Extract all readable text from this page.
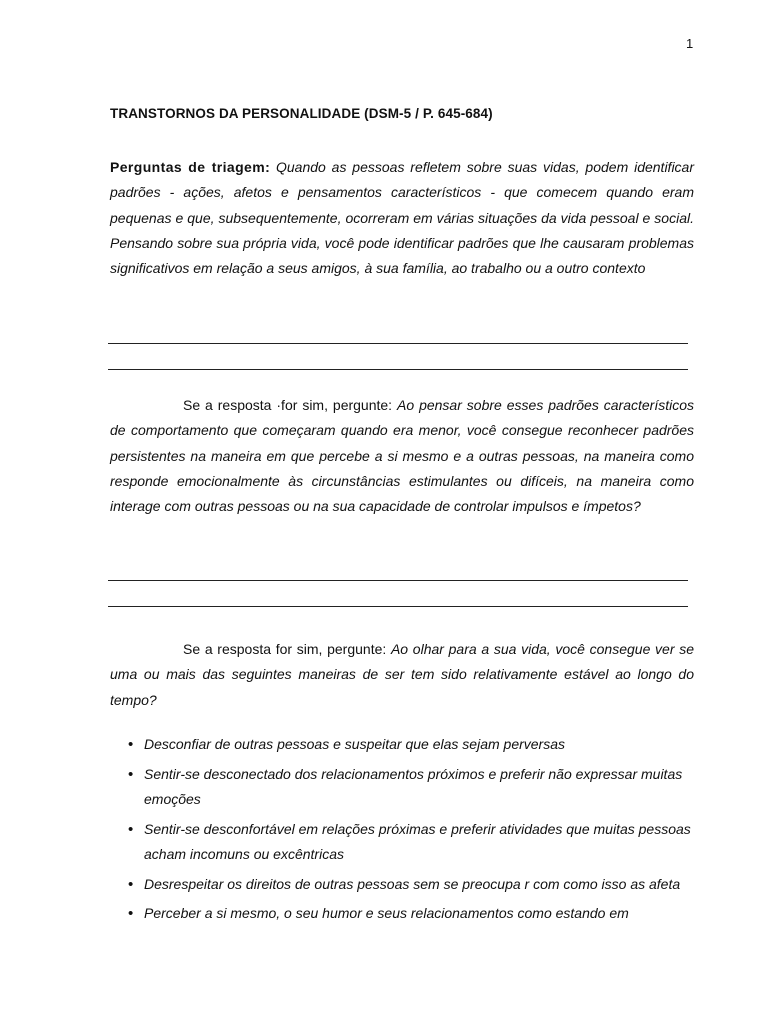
1
TRANSTORNOS DA PERSONALIDADE (DSM-5 / P. 645-684)
Perguntas de triagem: Quando as pessoas refletem sobre suas vidas, podem identificar padrões - ações, afetos e pensamentos característicos - que comecem quando eram pequenas e que, subsequentemente, ocorreram em várias situações da vida pessoal e social. Pensando sobre sua própria vida, você pode identificar padrões que lhe causaram problemas significativos em relação a seus amigos, à sua família, ao trabalho ou a outro contexto
Se a resposta ·for sim, pergunte: Ao pensar sobre esses padrões característicos de comportamento que começaram quando era menor, você consegue reconhecer padrões persistentes na maneira em que percebe a si mesmo e a outras pessoas, na maneira como responde emocionalmente às circunstâncias estimulantes ou difíceis, na maneira como interage com outras pessoas ou na sua capacidade de controlar impulsos e ímpetos?
Se a resposta for sim, pergunte: Ao olhar para a sua vida, você consegue ver se uma ou mais das seguintes maneiras de ser tem sido relativamente estável ao longo do tempo?
• Desconfiar de outras pessoas e suspeitar que elas sejam perversas
• Sentir-se desconectado dos relacionamentos próximos e preferir não expressar muitas emoções
• Sentir-se desconfortável em relações próximas e preferir atividades que muitas pessoas acham incomuns ou excêntricas
• Desrespeitar os direitos de outras pessoas sem se preocupa r com como isso as afeta
• Perceber a si mesmo, o seu humor e seus relacionamentos como estando em
